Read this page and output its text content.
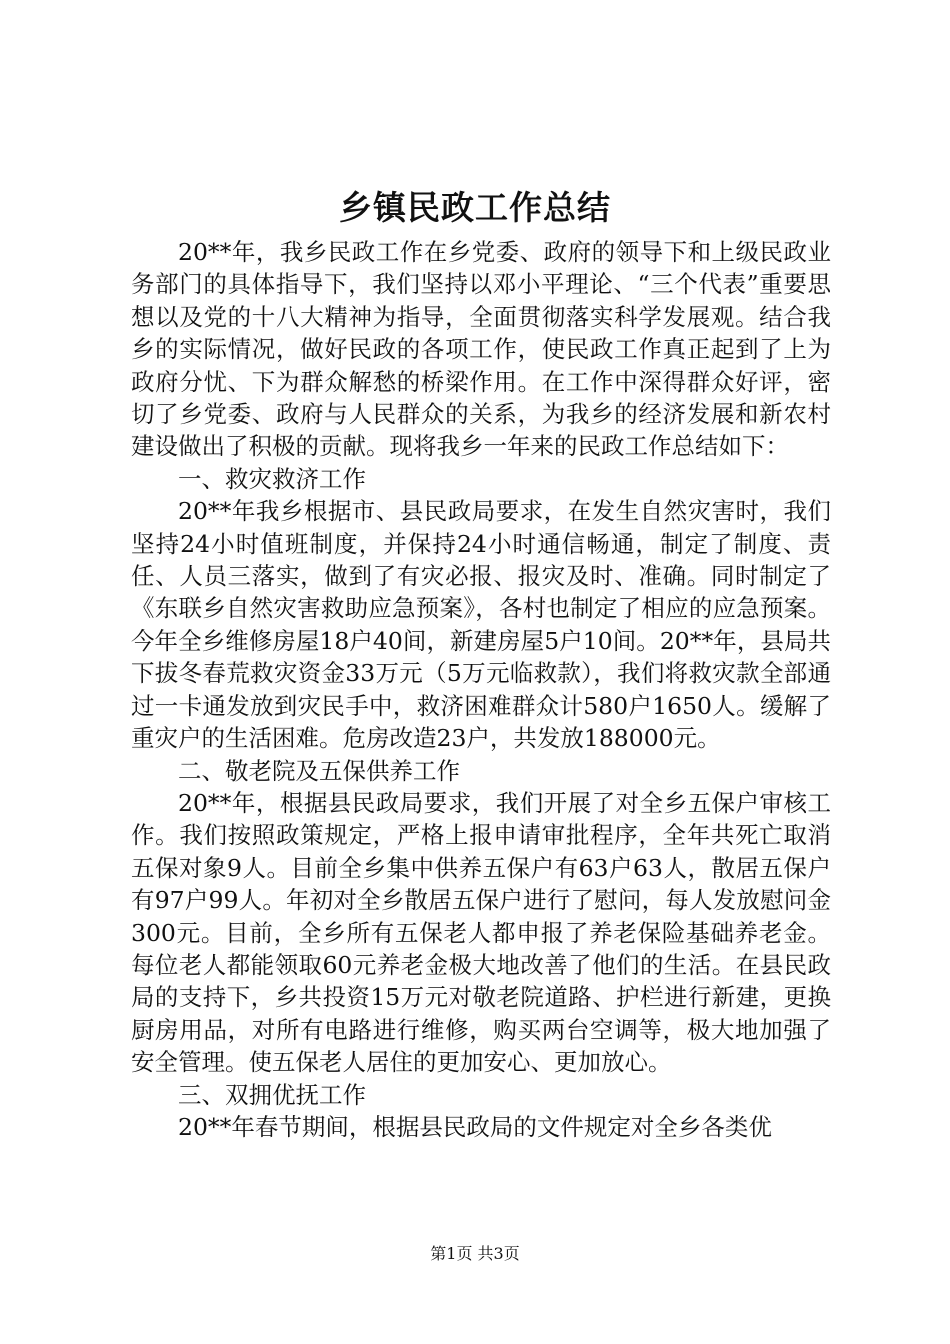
乡镇民政工作总结

20**年，我乡民政工作在乡党委、政府的领导下和上级民政业务部门的具体指导下，我们坚持以邓小平理论、“三个代表”重要思想以及党的十八大精神为指导，全面贯彻落实科学发展观。结合我乡的实际情况，做好民政的各项工作，使民政工作真正起到了上为政府分忧、下为群众解愁的桥梁作用。在工作中深得群众好评，密切了乡党委、政府与人民群众的关系，为我乡的经济发展和新农村建设做出了积极的贡献。现将我乡一年来的民政工作总结如下：

一、救灾救济工作

20**年我乡根据市、县民政局要求，在发生自然灾害时，我们坚持24小时值班制度，并保持24小时通信畅通，制定了制度、责任、人员三落实，做到了有灾必报、报灾及时、准确。同时制定了《东联乡自然灾害救助应急预案》，各村也制定了相应的应急预案。今年全乡维修房屋18户40间，新建房屋5户10间。20**年，县局共下拔冬春荒救灾资金33万元（5万元临救款），我们将救灾款全部通过一卡通发放到灾民手中，救济困难群众计580户1650人。缓解了重灾户的生活困难。危房改造23户，共发放188000元。

二、敬老院及五保供养工作

20**年，根据县民政局要求，我们开展了对全乡五保户审核工作。我们按照政策规定，严格上报申请审批程序，全年共死亡取消五保对象9人。目前全乡集中供养五保户有63户63人，散居五保户有97户99人。年初对全乡散居五保户进行了慰问，每人发放慰问金300元。目前，全乡所有五保老人都申报了养老保险基础养老金。每位老人都能领取60元养老金极大地改善了他们的生活。在县民政局的支持下，乡共投资15万元对敬老院道路、护栏进行新建，更换厨房用品，对所有电路进行维修，购买两台空调等，极大地加强了安全管理。使五保老人居住的更加安心、更加放心。

三、双拥优抚工作

20**年春节期间，根据县民政局的文件规定对全乡各类优

第1页 共3页
